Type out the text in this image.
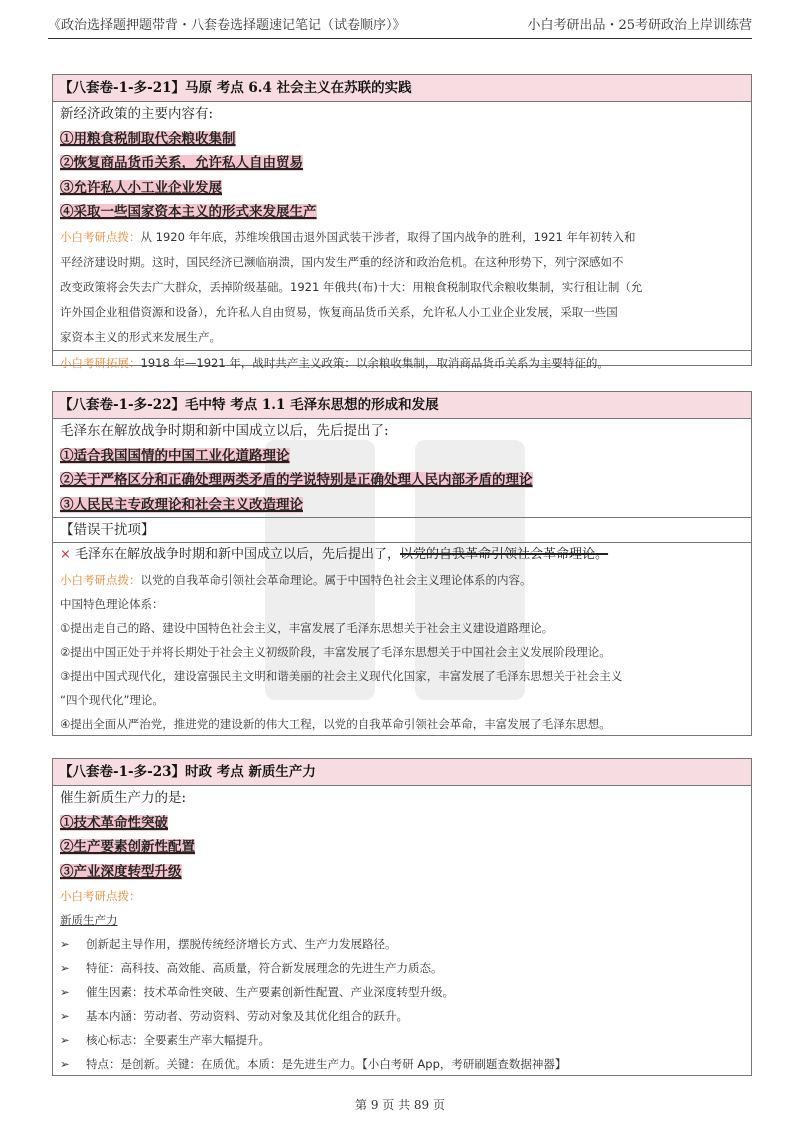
《政治选择题押题带背・八套卷选择题速记笔记（试卷顺序）》	小白考研出品・25考研政治上岸训练营
【八套卷-1-多-21】马原 考点 6.4 社会主义在苏联的实践
新经济政策的主要内容有:
①用粮食税制取代余粮收集制
②恢复商品货币关系，允许私人自由贸易
③允许私人小工业企业发展
④采取一些国家资本主义的形式来发展生产
小白考研点拨：从 1920 年年底，苏维埃俄国击退外国武装干涉者，取得了国内战争的胜利，1921 年年初转入和
平经济建设时期。这时，国民经济已濒临崩溃，国内发生严重的经济和政治危机。在这种形势下，列宁深感如不
改变政策将会失去广大群众，丢掉阶级基础。1921 年俄共(布)十大：用粮食税制取代余粮收集制，实行租让制（允
许外国企业租借资源和设备），允许私人自由贸易，恢复商品货币关系，允许私人小工业企业发展，采取一些国
家资本主义的形式来发展生产。
小白考研拓展：1918 年—1921 年，战时共产主义政策：以余粮收集制，取消商品货币关系为主要特征的。
【八套卷-1-多-22】毛中特 考点 1.1 毛泽东思想的形成和发展
毛泽东在解放战争时期和新中国成立以后，先后提出了:
①适合我国国情的中国工业化道路理论
②关于严格区分和正确处理两类矛盾的学说特别是正确处理人民内部矛盾的理论
③人民民主专政理论和社会主义改造理论
【错误干扰项】
× 毛泽东在解放战争时期和新中国成立以后，先后提出了，以党的自我革命引领社会革命理论。
小白考研点拨：以党的自我革命引领社会革命理论。属于中国特色社会主义理论体系的内容。
中国特色理论体系：
①提出走自己的路、建设中国特色社会主义，丰富发展了毛泽东思想关于社会主义建设道路理论。
②提出中国正处于并将长期处于社会主义初级阶段，丰富发展了毛泽东思想关于中国社会主义发展阶段理论。
③提出中国式现代化，建设富强民主文明和谐美丽的社会主义现代化国家，丰富发展了毛泽东思想关于社会主义
“四个现代化”理论。
④提出全面从严治党，推进党的建设新的伟大工程，以党的自我革命引领社会革命，丰富发展了毛泽东思想。
【八套卷-1-多-23】时政 考点 新质生产力
催生新质生产力的是:
①技术革命性突破
②生产要素创新性配置
③产业深度转型升级
小白考研点拨：
新质生产力
➢	创新起主导作用，摆脱传统经济增长方式、生产力发展路径。
➢	特征：高科技、高效能、高质量，符合新发展理念的先进生产力质态。
➢	催生因素：技术革命性突破、生产要素创新性配置、产业深度转型升级。
➢	基本内涵：劳动者、劳动资料、劳动对象及其优化组合的跃升。
➢	核心标志：全要素生产率大幅提升。
➢	特点：是创新。关键：在质优。本质：是先进生产力。【小白考研 App，考研刷题查数据神器】
第 9 页 共 89 页
